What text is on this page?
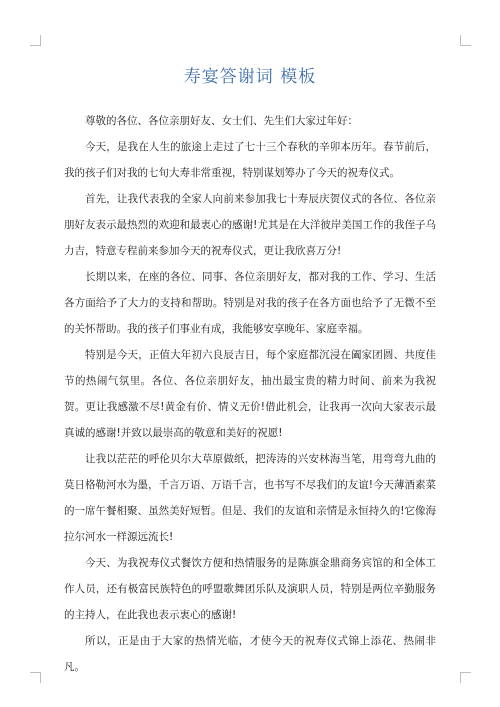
寿宴答谢词 模板

尊敬的各位、各位亲朋好友、女士们、先生们大家过年好：

今天，是我在人生的旅途上走过了七十三个春秋的辛卯本历年。春节前后，我的孩子们对我的七旬大寿非常重视，特别谋划筹办了今天的祝寿仪式。

首先，让我代表我的全家人向前来参加我七十寿辰庆贺仪式的各位、各位亲朋好友表示最热烈的欢迎和最衷心的感谢!尤其是在大洋彼岸美国工作的我侄子乌力吉，特意专程前来参加今天的祝寿仪式，更让我欣喜万分!

长期以来，在座的各位、同事、各位亲朋好友，都对我的工作、学习、生活各方面给予了大力的支持和帮助。特别是对我的孩子在各方面也给予了无微不至的关怀帮助。我的孩子们事业有成，我能够安享晚年、家庭幸福。

特别是今天，正值大年初六良辰吉日，每个家庭都沉浸在阖家团圆、共度佳节的热闹气氛里。各位、各位亲朋好友，抽出最宝贵的精力时间、前来为我祝贺。更让我感激不尽!黄金有价、情义无价!借此机会，让我再一次向大家表示最真诚的感谢!并致以最崇高的敬意和美好的祝愿!

让我以茫茫的呼伦贝尔大草原做纸，把涛涛的兴安林海当笔，用弯弯九曲的莫日格勒河水为墨，千言万语、万语千言，也书写不尽我们的友谊!今天薄酒素菜的一席午餐相聚、虽然美好短暂。但是、我们的友谊和亲情是永恒持久的!它像海拉尔河水一样源远流长!

今天、为我祝寿仪式餐饮方便和热情服务的是陈旗金鼎商务宾馆的和全体工作人员，还有极富民族特色的呼盟歌舞团乐队及演职人员，特别是两位辛勤服务的主持人，在此我也表示衷心的感谢!

所以，正是由于大家的热情光临，才使今天的祝寿仪式锦上添花、热闹非凡。
